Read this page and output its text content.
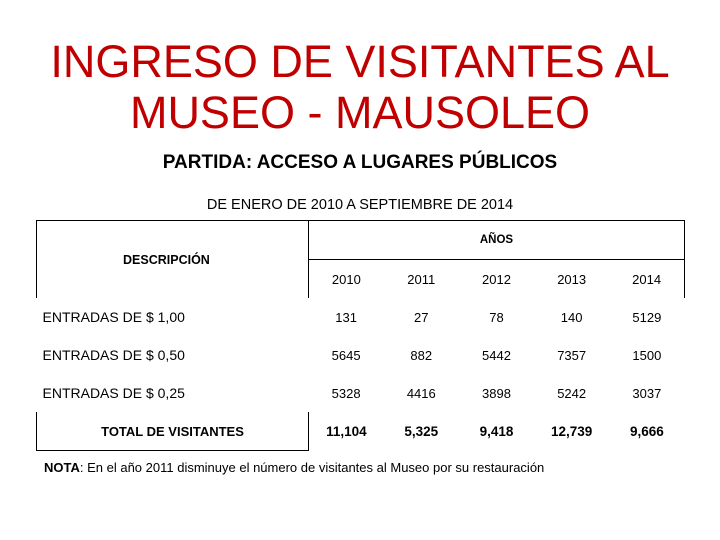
INGRESO DE VISITANTES AL
MUSEO - MAUSOLEO
PARTIDA: ACCESO A LUGARES PÚBLICOS
DE ENERO DE 2010 A SEPTIEMBRE DE 2014
DESCRIPCIÓN	AÑOS				
	2010	2011	2012	2013	2014
ENTRADAS DE $ 1,00	131	27	78	140	5129
ENTRADAS DE $ 0,50	5645	882	5442	7357	1500
ENTRADAS DE $ 0,25	5328	4416	3898	5242	3037
TOTAL DE VISITANTES	11,104	5,325	9,418	12,739	9,666
NOTA: En el año 2011 disminuye el número de visitantes al Museo por su restauración
